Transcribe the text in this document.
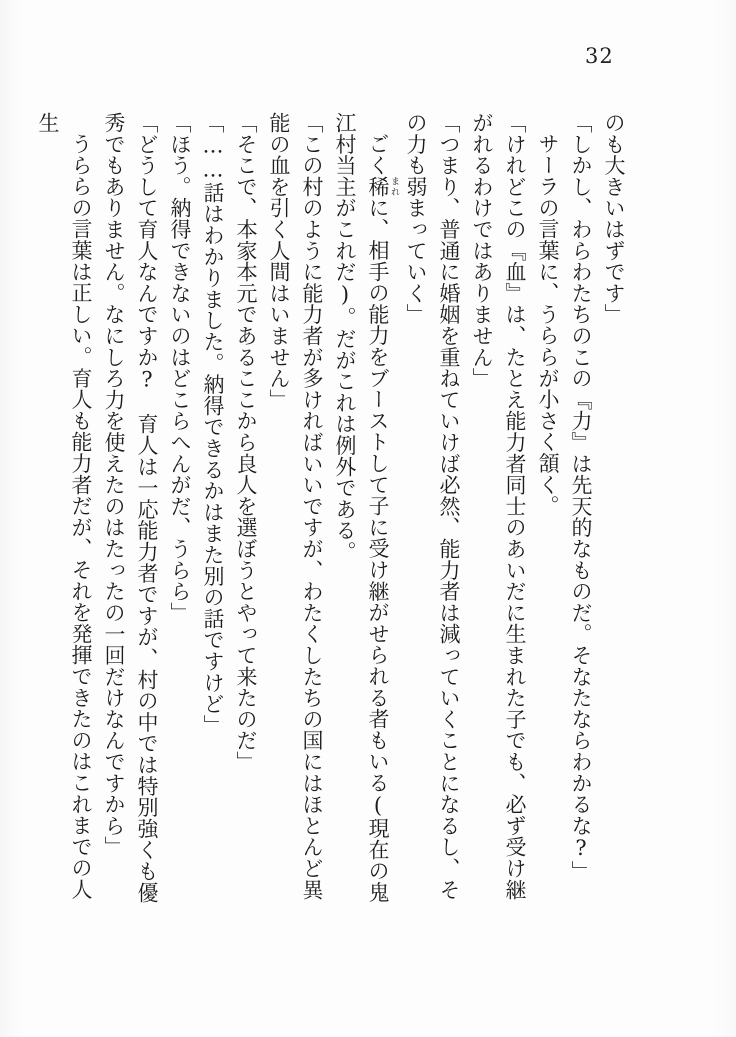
32

のも大きいはずです」

「しかし、わらわたちのこの『力』は先天的なものだ。そなたならわかるな?」

サーラの言葉に、うららが小さく頷く。

「けれどこの『血』は、たとえ能力者同士のあいだに生まれた子でも、必ず受け継がれるわけではありません」

「つまり、普通に婚姻を重ねていけば必然、能力者は減っていくことになるし、その力も弱まっていく」

ごく稀 まれに、相手の能力をブーストして子に受け継がせられる者もいる(現在の鬼江村当主がこれだ)。だがこれは例外である。

「この村のように能力者が多ければいいですが、わたくしたちの国にはほとんど異能の血を引く人間はいません」

「そこで、本家本元であるここから良人を選ぼうとやって来たのだ」

「……話はわかりました。納得できるかはまた別の話ですけど」

「ほう。納得できないのはどこらへんがだ、うらら」

「どうして育人なんですか?　育人は一応能力者ですが、村の中では特別強くも優秀でもありません。なにしろ力を使えたのはたったの一回だけなんですから」

うららの言葉は正しい。育人も能力者だが、それを発揮できたのはこれまでの人生
